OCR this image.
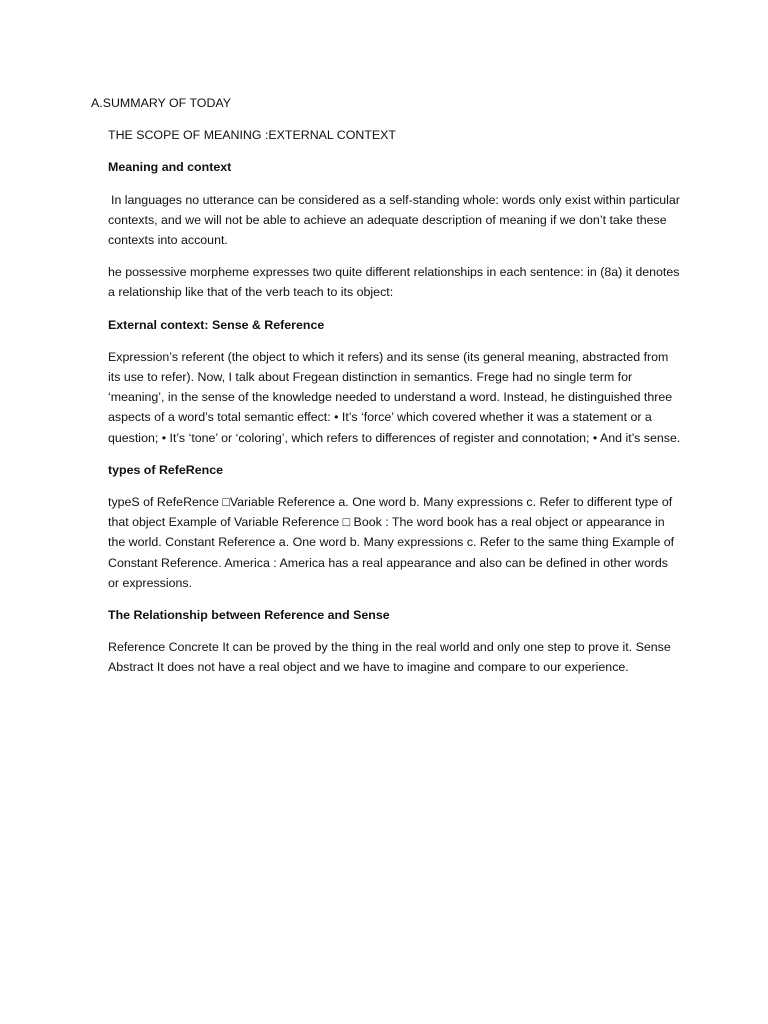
A.SUMMARY OF TODAY
THE SCOPE OF MEANING :EXTERNAL CONTEXT
Meaning and context

In languages no utterance can be considered as a self-standing whole: words only exist within particular contexts, and we will not be able to achieve an adequate description of meaning if we don’t take these contexts into account.

he possessive morpheme expresses two quite different relationships in each sentence: in (8a) it denotes a relationship like that of the verb teach to its object:

External context: Sense & Reference

Expression’s referent (the object to which it refers) and its sense (its general meaning, abstracted from its use to refer). Now, I talk about Fregean distinction in semantics. Frege had no single term for ‘meaning’, in the sense of the knowledge needed to understand a word. Instead, he distinguished three aspects of a word’s total semantic effect: • It’s ‘force’ which covered whether it was a statement or a question; • It’s ‘tone’ or ‘coloring’, which refers to differences of register and connotation; • And it’s sense.

types of RefeRence

typeS of RefeRence □Variable Reference a. One word b. Many expressions c. Refer to different type of that object Example of Variable Reference □ Book : The word book has a real object or appearance in the world. Constant Reference a. One word b. Many expressions c. Refer to the same thing Example of Constant Reference. America : America has a real appearance and also can be defined in other words or expressions.

The Relationship between Reference and Sense

Reference Concrete It can be proved by the thing in the real world and only one step to prove it. Sense Abstract It does not have a real object and we have to imagine and compare to our experience.
